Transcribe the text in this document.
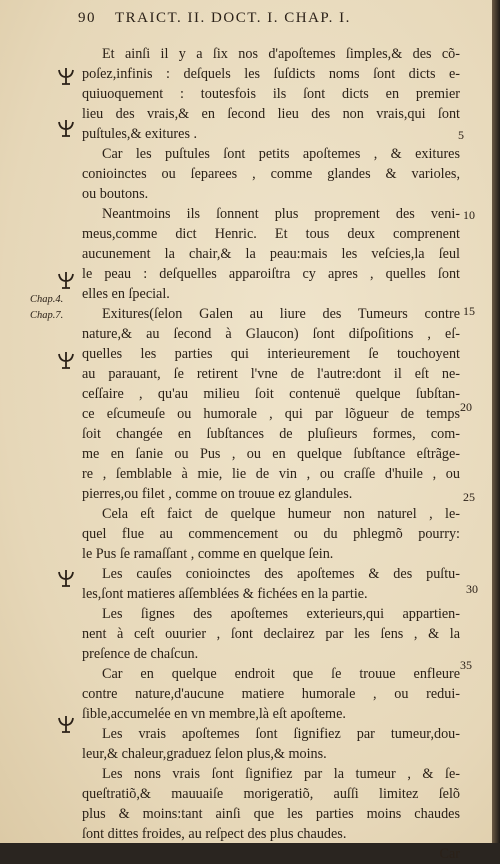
90 TRAICT. II. DOCT. I. CHAP. I.
Et ainſi il y a ſix nos d'apoſtemes ſimples,& des cõ-
poſez,infinis : deſquels les ſuſdicts noms ſont dicts e-
quiuoquement : toutesfois ils ſont dicts en premier
lieu des vrais,& en ſecond lieu des non vrais,qui ſont
puſtules,& exitures .
Car les puſtules ſont petits apoſtemes , & exitures
conioinctes ou ſeparees , comme glandes & varioles,
ou boutons.
Neantmoins ils ſonnent plus proprement des veni-
meus,comme dict Henric. Et tous deux comprenent
aucunement la chair,& la peau:mais les veſcies,la ſeul
le peau : deſquelles apparoiſtra cy apres , quelles ſont
elles en ſpecial.
Exitures(ſelon Galen au liure des Tumeurs contre
nature,& au ſecond à Glaucon) ſont diſpoſitions , eſ-
quelles les parties qui interieurement ſe touchoyent
au parauant, ſe retirent l'vne de l'autre:dont il eſt ne-
ceſſaire , qu'au milieu ſoit contenuë quelque ſubſtan-
ce eſcumeuſe ou humorale , qui par lõgueur de temps
ſoit changée en ſubſtances de pluſieurs formes, com-
me en ſanie ou Pus , ou en quelque ſubſtance eſtrãge-
re , ſemblable à mie, lie de vin , ou craſſe d'huile , ou
pierres,ou filet , comme on trouue ez glandules.
Cela eſt faict de quelque humeur non naturel , le-
quel flue au commencement ou du phlegmõ pourry:
le Pus ſe ramaſſant , comme en quelque ſein.
Les cauſes conioinctes des apoſtemes & des puſtu-
les,ſont matieres aſſemblées & fichées en la partie.
Les ſignes des apoſtemes exterieurs,qui appartien-
nent à ceſt ouurier , ſont declairez par les ſens , & la
preſence de chaſcun.
Car en quelque endroit que ſe trouue enfleure
contre nature,d'aucune matiere humorale , ou reduі-
ſible,accumelée en vn membre,là eſt apoſteme.
Les vrais apoſtemes ſont ſignifiez par tumeur,dou-
leur,& chaleur,graduez ſelon plus,& moins.
Les nons vrais ſont ſignifiez par la tumeur , & ſe-
queſtratiõ,& mauuaiſe morigeratiõ, auſſi limitez ſelõ
plus & moins:tant ainſi que les parties moins chaudes
ſont dittes froides, au reſpect des plus chaudes.
Car
Chap.4.
Chap.7.
5
10
15
20
25
30
35
